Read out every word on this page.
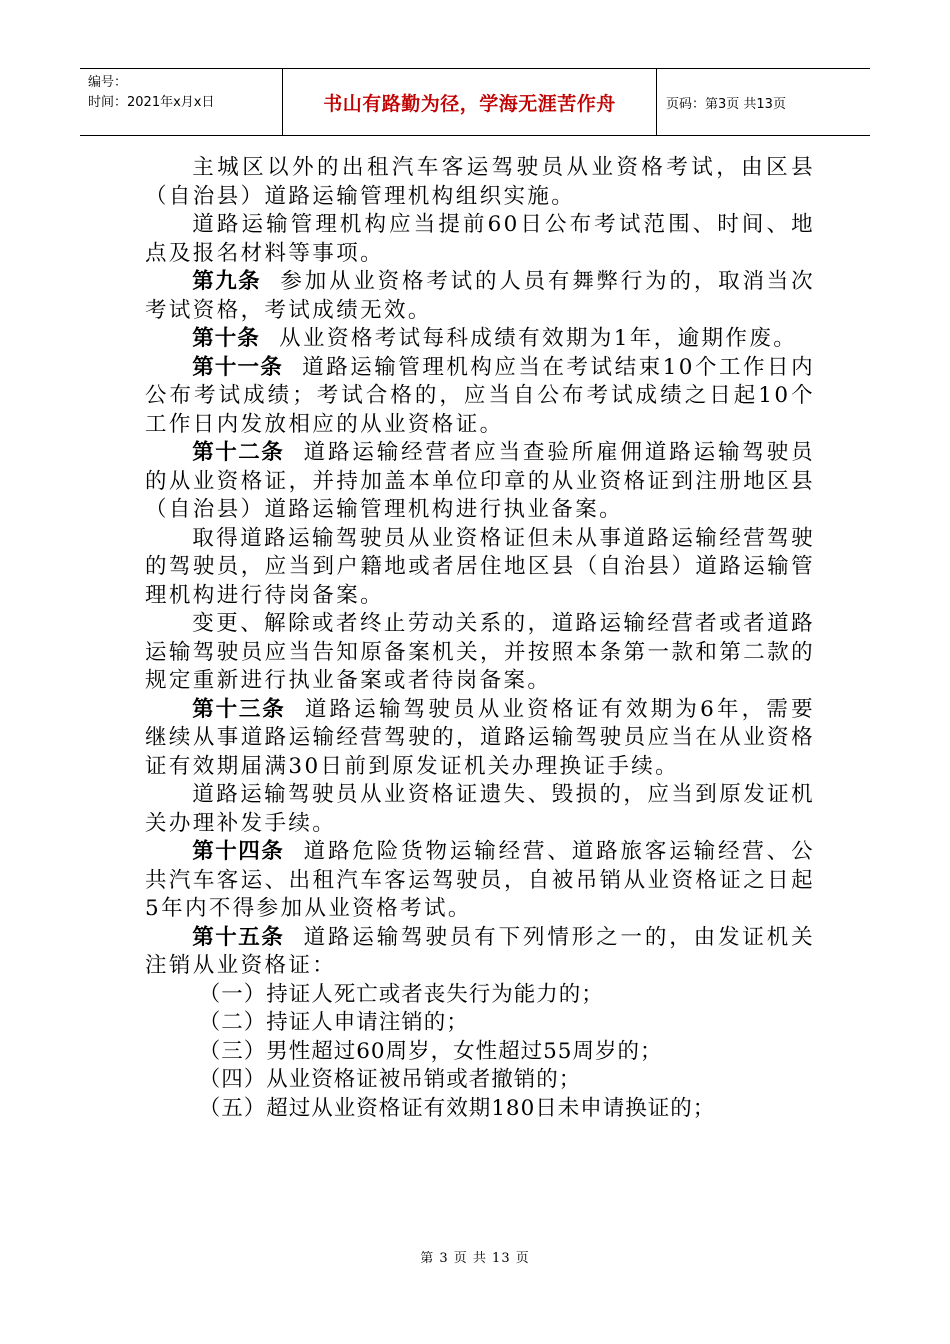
编号：
时间：2021年x月x日	书山有路勤为径，学海无涯苦作舟	页码：第3页 共13页

主城区以外的出租汽车客运驾驶员从业资格考试，由区县（自治县）道路运输管理机构组织实施。

道路运输管理机构应当提前60日公布考试范围、时间、地点及报名材料等事项。

第九条 参加从业资格考试的人员有舞弊行为的，取消当次考试资格，考试成绩无效。

第十条 从业资格考试每科成绩有效期为1年，逾期作废。

第十一条 道路运输管理机构应当在考试结束10个工作日内公布考试成绩；考试合格的，应当自公布考试成绩之日起10个工作日内发放相应的从业资格证。

第十二条 道路运输经营者应当查验所雇佣道路运输驾驶员的从业资格证，并持加盖本单位印章的从业资格证到注册地区县（自治县）道路运输管理机构进行执业备案。

取得道路运输驾驶员从业资格证但未从事道路运输经营驾驶的驾驶员，应当到户籍地或者居住地区县（自治县）道路运输管理机构进行待岗备案。

变更、解除或者终止劳动关系的，道路运输经营者或者道路运输驾驶员应当告知原备案机关，并按照本条第一款和第二款的规定重新进行执业备案或者待岗备案。

第十三条 道路运输驾驶员从业资格证有效期为6年，需要继续从事道路运输经营驾驶的，道路运输驾驶员应当在从业资格证有效期届满30日前到原发证机关办理换证手续。

道路运输驾驶员从业资格证遗失、毁损的，应当到原发证机关办理补发手续。

第十四条 道路危险货物运输经营、道路旅客运输经营、公共汽车客运、出租汽车客运驾驶员，自被吊销从业资格证之日起5年内不得参加从业资格考试。

第十五条 道路运输驾驶员有下列情形之一的，由发证机关注销从业资格证：

（一）持证人死亡或者丧失行为能力的；

（二）持证人申请注销的；

（三）男性超过60周岁，女性超过55周岁的；

（四）从业资格证被吊销或者撤销的；

（五）超过从业资格证有效期180日未申请换证的；

第 3 页 共 13 页
